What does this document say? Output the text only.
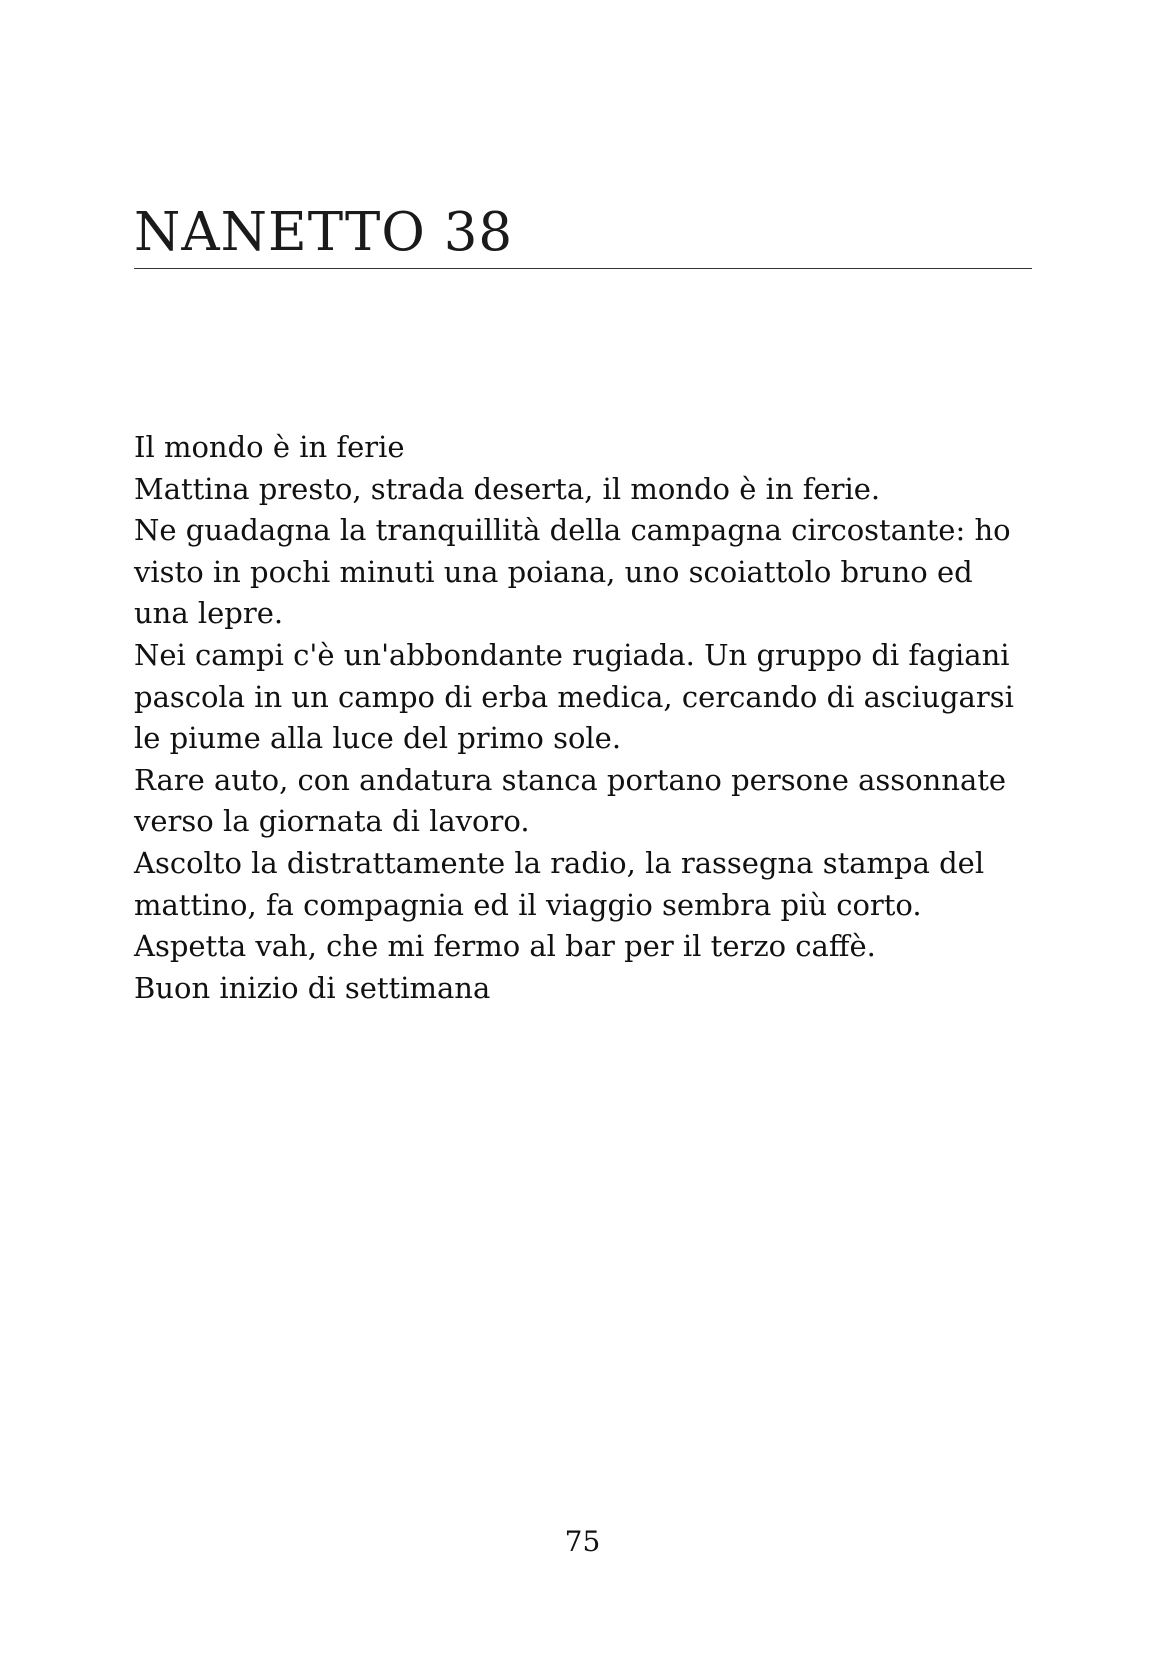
NANETTO 38
Il mondo è in ferie
Mattina presto, strada deserta, il mondo è in ferie.
Ne guadagna la tranquillità della campagna circostante: ho
visto in pochi minuti una poiana, uno scoiattolo bruno ed
una lepre.
Nei campi c'è un'abbondante rugiada. Un gruppo di fagiani
pascola in un campo di erba medica, cercando di asciugarsi
le piume alla luce del primo sole.
Rare auto, con andatura stanca portano persone assonnate
verso la giornata di lavoro.
Ascolto la distrattamente la radio, la rassegna stampa del
mattino, fa compagnia ed il viaggio sembra più corto.
Aspetta vah, che mi fermo al bar per il terzo caffè.
Buon inizio di settimana
75
